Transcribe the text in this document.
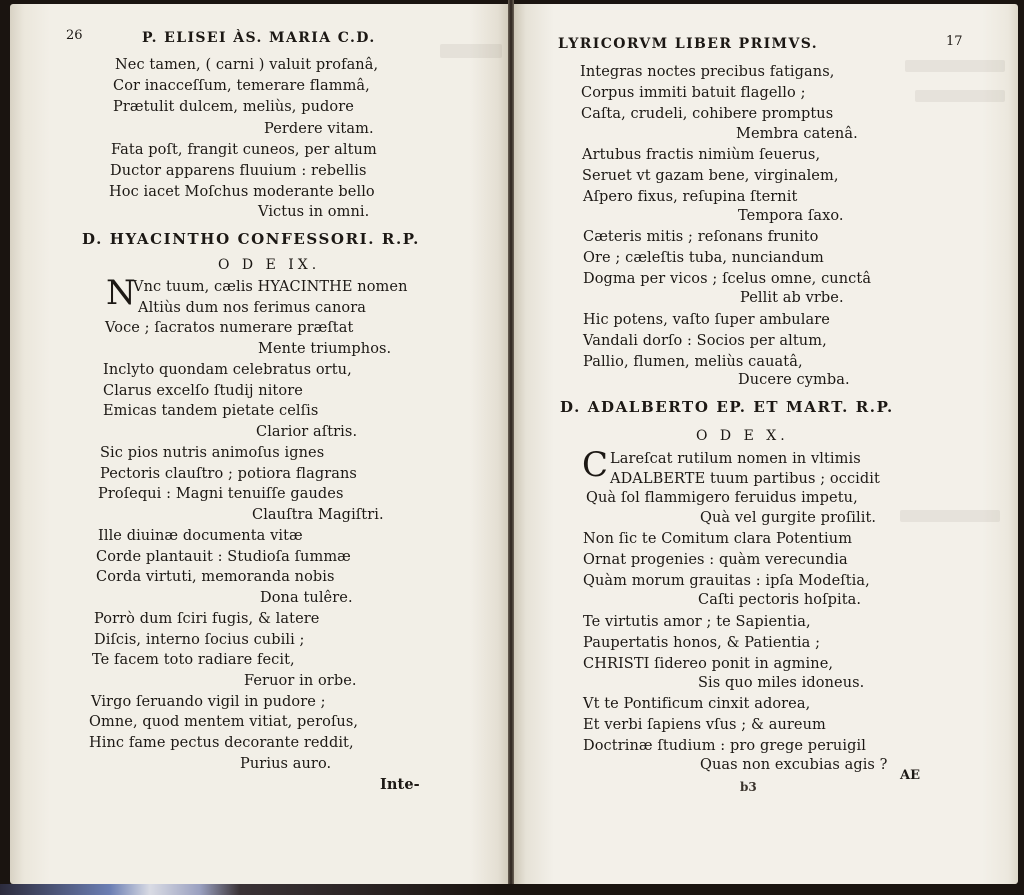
26	P. ELISEI ÀS. MARIA C.D.
Nec tamen, ( carni ) valuit profanâ,
Cor inacceſſum, temerare flammâ,
Prætulit dulcem, meliùs, pudore
Perdere vitam.
Fata poſt, frangit cuneos, per altum
Ductor apparens fluuium : rebellis
Hoc iacet Moſchus moderante bello
Victus in omni.
D. HYACINTHO CONFESSORI. R.P.
O D E IX.
N
Vnc tuum, cælis HYACINTHE nomen
Altiùs dum nos ferimus canora
Voce ; ſacratos numerare præſtat
Mente triumphos.
Inclyto quondam celebratus ortu,
Clarus excelſo ſtudij nitore
Emicas tandem pietate celſis
Clarior aſtris.
Sic pios nutris animoſus ignes
Pectoris clauſtro ; potiora flagrans
Proſequi : Magni tenuiſſe gaudes
Clauſtra Magiſtri.
Ille diuinæ documenta vitæ
Corde plantauit : Studioſa ſummæ
Corda virtuti, memoranda nobis
Dona tulêre.
Porrò dum ſciri fugis, & latere
Diſcis, interno ſocius cubili ;
Te facem toto radiare fecit,
Feruor in orbe.
Virgo ſeruando vigil in pudore ;
Omne, quod mentem vitiat, peroſus,
Hinc fame pectus decorante reddit,
Purius auro.
Inte-
LYRICORVM LIBER PRIMVS.	17
Integras noctes precibus fatigans,
Corpus immiti batuit flagello ;
Caſta, crudeli, cohibere promptus
Membra catenâ.
Artubus fractis nimiùm ſeuerus,
Seruet vt gazam bene, virginalem,
Aſpero fixus, reſupina ſternit
Tempora ſaxo.
Cæteris mitis ; reſonans frunito
Ore ; cæleſtis tuba, nunciandum
Dogma per vicos ; ſcelus omne, cunctâ
Pellit ab vrbe.
Hic potens, vaſto ſuper ambulare
Vandali dorſo : Socios per altum,
Pallio, flumen, meliùs cauatâ,
Ducere cymba.
D. ADALBERTO EP. ET MART. R.P.
O D E X.
C Lareſcat rutilum nomen in vltimis
ADALBERTE tuum partibus ; occidit
Quà ſol flammigero feruidus impetu,
Quà vel gurgite proſilit.
Non ſic te Comitum clara Potentium
Ornat progenies : quàm verecundia
Quàm morum grauitas : ipſa Modeſtia,
Caſti pectoris hoſpita.
Te virtutis amor ; te Sapientia,
Paupertatis honos, & Patientia ;
CHRISTI ſidereo ponit in agmine,
Sis quo miles idoneus.
Vt te Pontificum cinxit adorea,
Et verbi ſapiens vſus ; & aureum
Doctrinæ ſtudium : pro grege peruigil
Quas non excubias agis ?
b3
AE
